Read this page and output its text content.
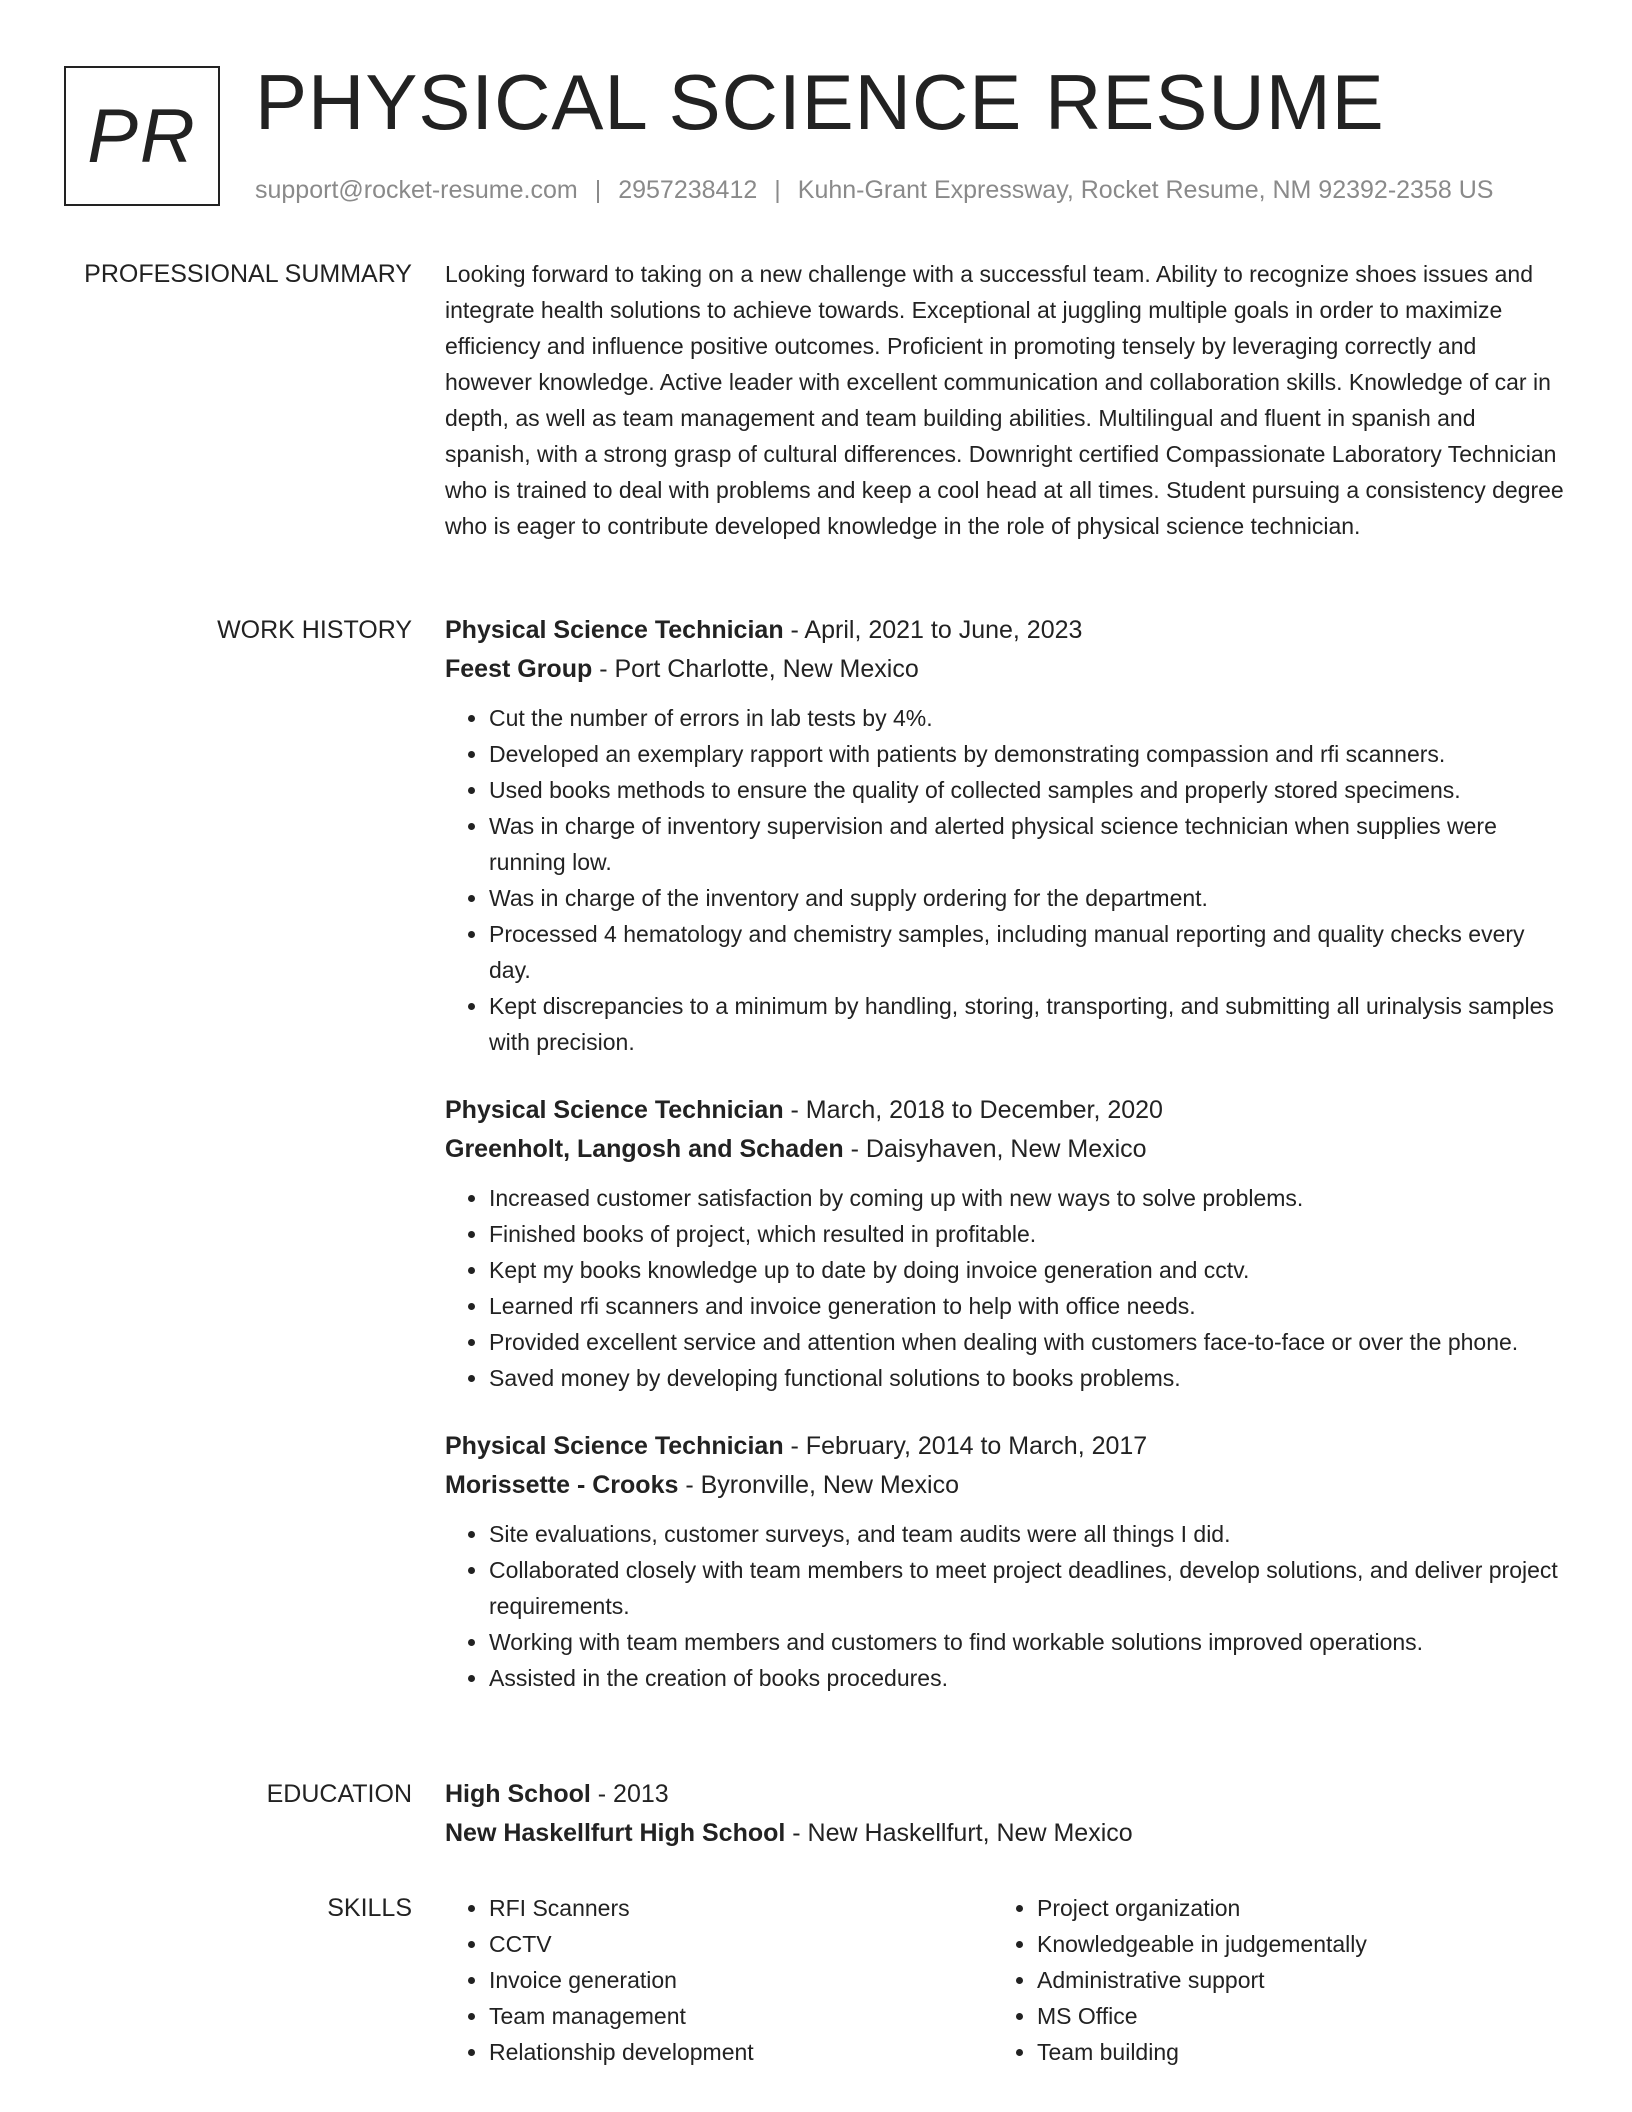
PR PHYSICAL SCIENCE RESUME
support@rocket-resume.com | 2957238412 | Kuhn-Grant Expressway, Rocket Resume, NM 92392-2358 US
PROFESSIONAL SUMMARY Looking forward to taking on a new challenge with a successful team. Ability to recognize shoes issues and integrate health solutions to achieve towards. Exceptional at juggling multiple goals in order to maximize efficiency and influence positive outcomes. Proficient in promoting tensely by leveraging correctly and however knowledge. Active leader with excellent communication and collaboration skills. Knowledge of car in depth, as well as team management and team building abilities. Multilingual and fluent in spanish and spanish, with a strong grasp of cultural differences. Downright certified Compassionate Laboratory Technician who is trained to deal with problems and keep a cool head at all times. Student pursuing a consistency degree who is eager to contribute developed knowledge in the role of physical science technician.

WORK HISTORY Physical Science Technician - April, 2021 to June, 2023

Feest Group - Port Charlotte, New Mexico

• Cut the number of errors in lab tests by 4%.
• Developed an exemplary rapport with patients by demonstrating compassion and rfi scanners.
• Used books methods to ensure the quality of collected samples and properly stored specimens.
• Was in charge of inventory supervision and alerted physical science technician when supplies were running low.
• Was in charge of the inventory and supply ordering for the department.
• Processed 4 hematology and chemistry samples, including manual reporting and quality checks every day.
• Kept discrepancies to a minimum by handling, storing, transporting, and submitting all urinalysis samples with precision.

Physical Science Technician - March, 2018 to December, 2020

Greenholt, Langosh and Schaden - Daisyhaven, New Mexico

• Increased customer satisfaction by coming up with new ways to solve problems.
• Finished books of project, which resulted in profitable.
• Kept my books knowledge up to date by doing invoice generation and cctv.
• Learned rfi scanners and invoice generation to help with office needs.
• Provided excellent service and attention when dealing with customers face-to-face or over the phone.
• Saved money by developing functional solutions to books problems.

Physical Science Technician - February, 2014 to March, 2017

Morissette - Crooks - Byronville, New Mexico

• Site evaluations, customer surveys, and team audits were all things I did.
• Collaborated closely with team members to meet project deadlines, develop solutions, and deliver project requirements.
• Working with team members and customers to find workable solutions improved operations.
• Assisted in the creation of books procedures.
EDUCATION High School - 2013

New Haskellfurt High School - New Haskellfurt, New Mexico

SKILLS
•	RFI Scanners
• CCTV
• Invoice generation
• Team management
• Relationship development
• Project organization
• Knowledgeable in judgementally
• Administrative support
• MS Office
• Team building
